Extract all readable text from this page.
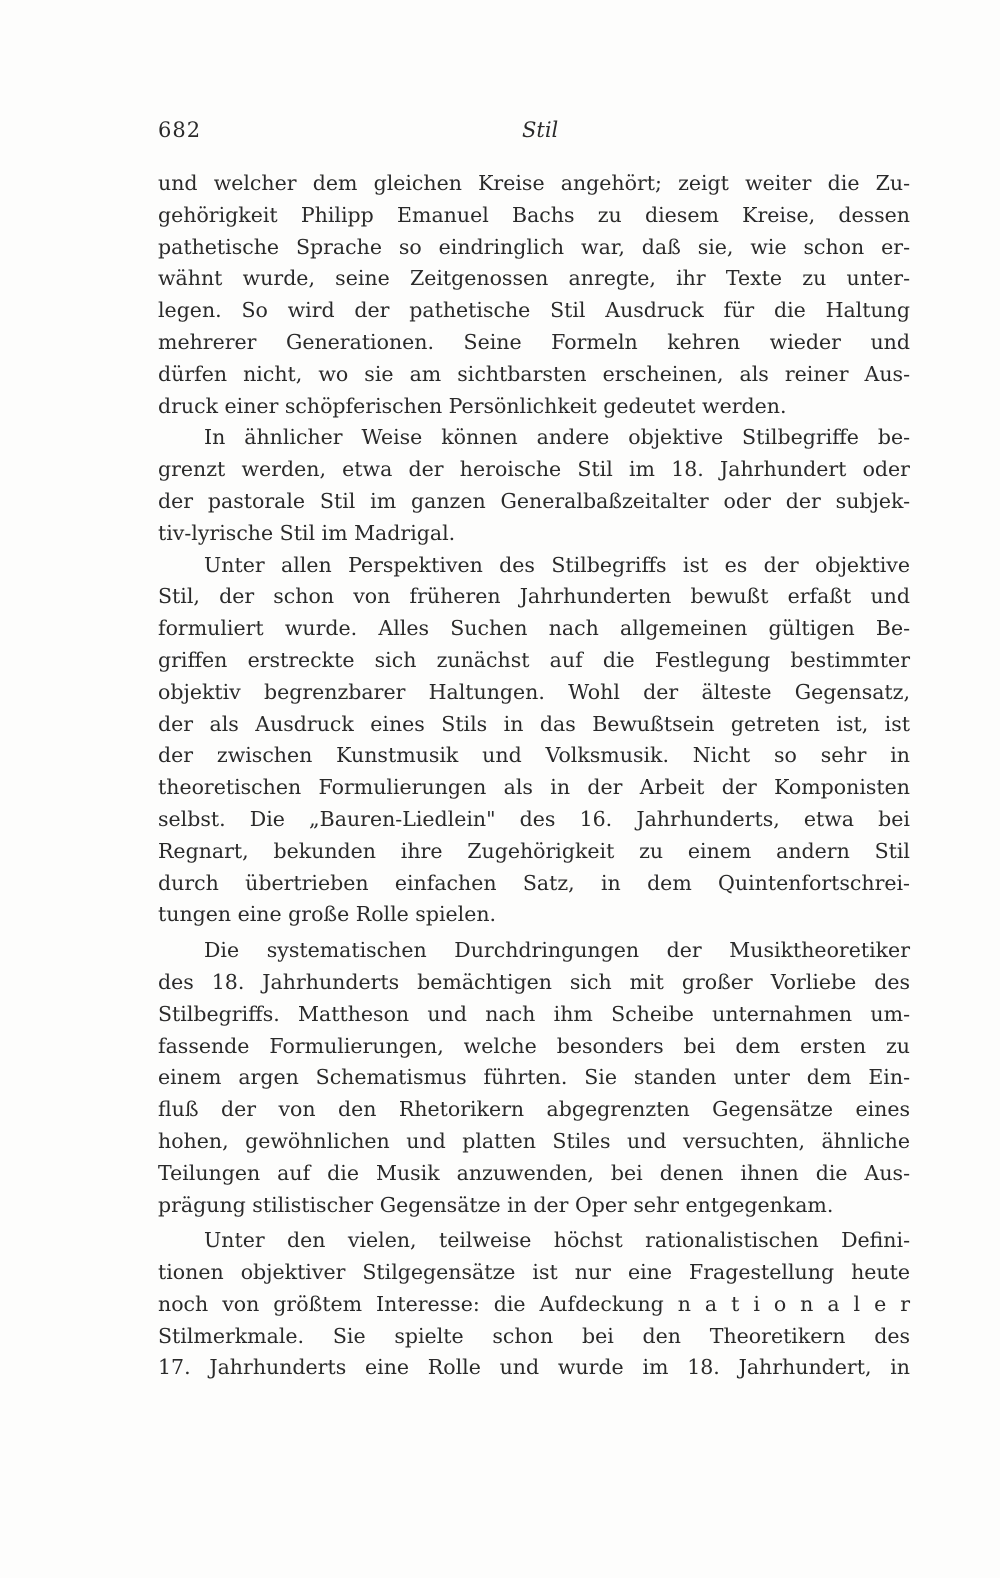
682	Stil
und welcher dem gleichen Kreise angehört; zeigt weiter die Zu-
gehörigkeit Philipp Emanuel Bachs zu diesem Kreise, dessen
pathetische Sprache so eindringlich war, daß sie, wie schon er-
wähnt wurde, seine Zeitgenossen anregte, ihr Texte zu unter-
legen. So wird der pathetische Stil Ausdruck für die Haltung
mehrerer Generationen. Seine Formeln kehren wieder und
dürfen nicht, wo sie am sichtbarsten erscheinen, als reiner Aus-
druck einer schöpferischen Persönlichkeit gedeutet werden.
In ähnlicher Weise können andere objektive Stilbegriffe be-
grenzt werden, etwa der heroische Stil im 18. Jahrhundert oder
der pastorale Stil im ganzen Generalbaßzeitalter oder der subjek-
tiv-lyrische Stil im Madrigal.
Unter allen Perspektiven des Stilbegriffs ist es der objektive
Stil, der schon von früheren Jahrhunderten bewußt erfaßt und
formuliert wurde. Alles Suchen nach allgemeinen gültigen Be-
griffen erstreckte sich zunächst auf die Festlegung bestimmter
objektiv begrenzbarer Haltungen. Wohl der älteste Gegensatz,
der als Ausdruck eines Stils in das Bewußtsein getreten ist, ist
der zwischen Kunstmusik und Volksmusik. Nicht so sehr in
theoretischen Formulierungen als in der Arbeit der Komponisten
selbst. Die „Bauren-Liedlein" des 16. Jahrhunderts, etwa bei
Regnart, bekunden ihre Zugehörigkeit zu einem andern Stil
durch übertrieben einfachen Satz, in dem Quintenfortschrei-
tungen eine große Rolle spielen.
Die systematischen Durchdringungen der Musiktheoretiker
des 18. Jahrhunderts bemächtigen sich mit großer Vorliebe des
Stilbegriffs. Mattheson und nach ihm Scheibe unternahmen um-
fassende Formulierungen, welche besonders bei dem ersten zu
einem argen Schematismus führten. Sie standen unter dem Ein-
fluß der von den Rhetorikern abgegrenzten Gegensätze eines
hohen, gewöhnlichen und platten Stiles und versuchten, ähnliche
Teilungen auf die Musik anzuwenden, bei denen ihnen die Aus-
prägung stilistischer Gegensätze in der Oper sehr entgegenkam.
Unter den vielen, teilweise höchst rationalistischen Defini-
tionen objektiver Stilgegensätze ist nur eine Fragestellung heute
noch von größtem Interesse: die Aufdeckung n a t i o n a l e r
Stilmerkmale. Sie spielte schon bei den Theoretikern des
17. Jahrhunderts eine Rolle und wurde im 18. Jahrhundert, in
